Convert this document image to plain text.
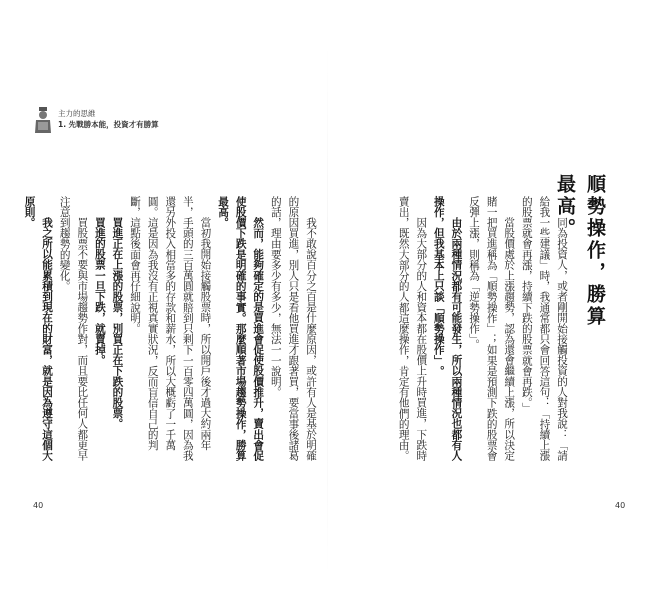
主力的思維
1. 先戰勝本能，投資才有勝算
順勢操作，勝算最高。

同為投資人，或者剛開始接觸投資的人對我說：「請給我一些建議」時，我通常都只會回答這句：「持續上漲的股票就會再漲，持續下跌的股票就會再跌。」

當股價處於上漲趨勢，認為還會繼續上漲，所以決定賭一把買進稱為「順勢操作」；如果是預測下跌的股票會反彈上漲，則稱為「逆勢操作」。

由於兩種情況都有可能發生，所以兩種情況也都有人操作，但我基本上只談「順勢操作」。

因為大部分的人和資本都在股價上升時買進，下跌時賣出，既然大部分的人都這麼操作，肯定有他們的理由。

我不敢說百分之百是什麼原因，或許有人是基於明確的原因買進，別人只是看他買進才跟著買，要當事後諸葛的話，理由要多少有多少，無法一一說明。

然而，能夠確定的是買進會促使股價推升，賣出會促使股價下跌是明確的事實。那麼順著市場趨勢操作，勝算最高。

當初我開始接觸股票時，所以開戶後才過大約兩年半，手頭的三百萬圓就賠到只剩下一百零四萬圓，因為我還另外投入相當多的存款和薪水，所以大概虧了一千萬圓。這是因為我沒有正視真實狀況，反而盲信自己的判斷，這點後面會再仔細說明。

買進正在上漲的股票，別買正在下跌的股票。

買進的股票一旦下跌，就賣掉。

買股票不要與市場趨勢作對，而且要比任何人都更早注意到趨勢的變化。

我之所以能累積到現在的財富，就是因為遵守這個大原則。

40	40
